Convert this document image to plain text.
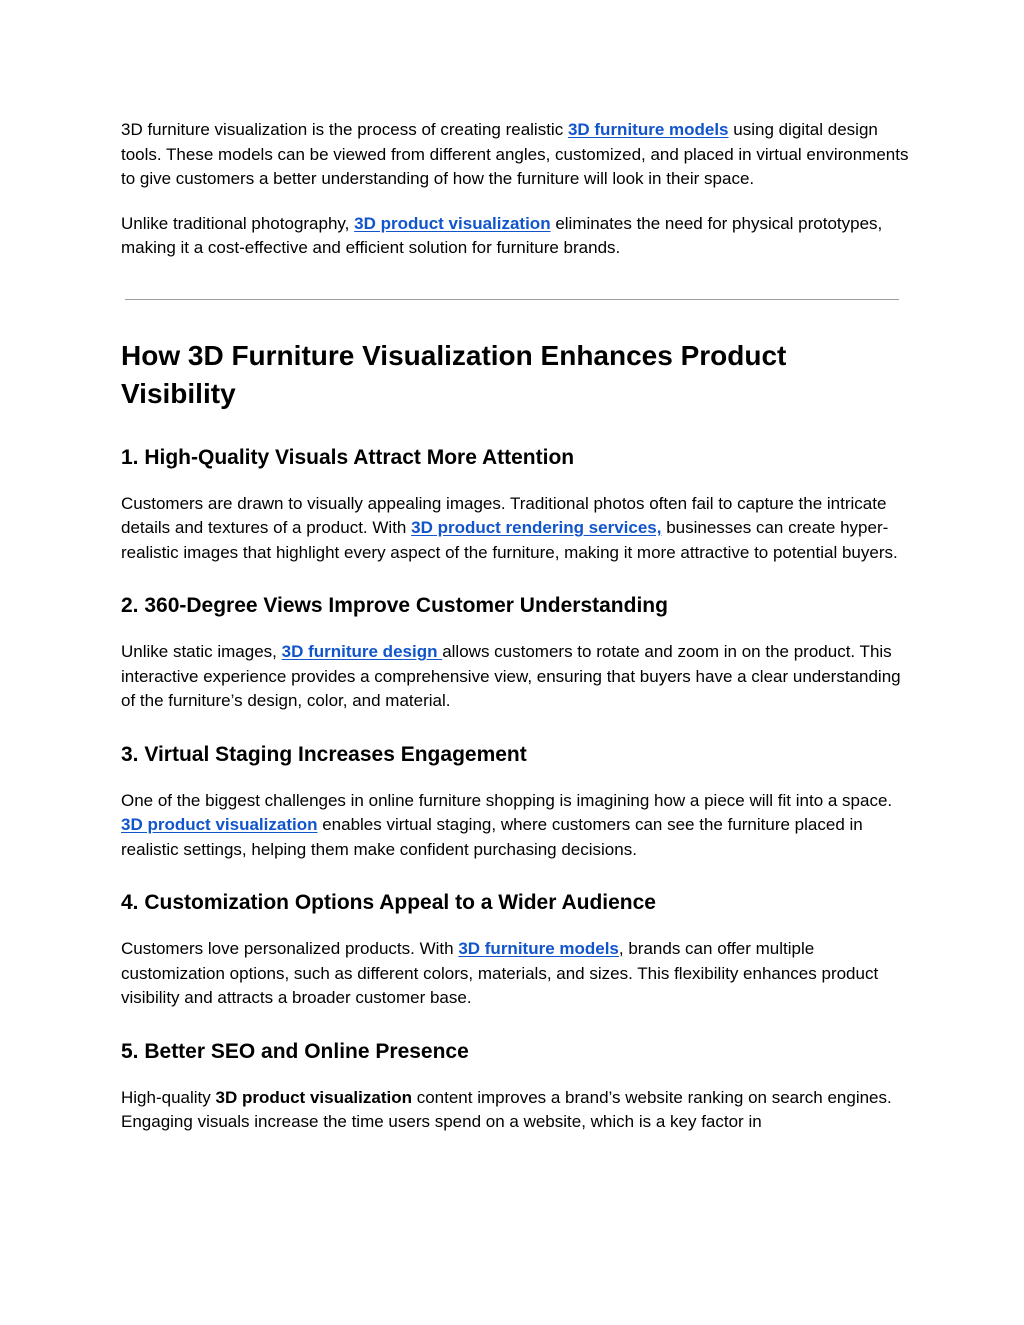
3D furniture visualization is the process of creating realistic 3D furniture models using digital design tools. These models can be viewed from different angles, customized, and placed in virtual environments to give customers a better understanding of how the furniture will look in their space.

Unlike traditional photography, 3D product visualization eliminates the need for physical prototypes, making it a cost-effective and efficient solution for furniture brands.

How 3D Furniture Visualization Enhances Product Visibility
1. High-Quality Visuals Attract More Attention

Customers are drawn to visually appealing images. Traditional photos often fail to capture the intricate details and textures of a product. With 3D product rendering services, businesses can create hyper-realistic images that highlight every aspect of the furniture, making it more attractive to potential buyers.

2. 360-Degree Views Improve Customer Understanding

Unlike static images, 3D furniture design allows customers to rotate and zoom in on the product. This interactive experience provides a comprehensive view, ensuring that buyers have a clear understanding of the furniture’s design, color, and material.

3. Virtual Staging Increases Engagement

One of the biggest challenges in online furniture shopping is imagining how a piece will fit into a space. 3D product visualization enables virtual staging, where customers can see the furniture placed in realistic settings, helping them make confident purchasing decisions.

4. Customization Options Appeal to a Wider Audience

Customers love personalized products. With 3D furniture models, brands can offer multiple customization options, such as different colors, materials, and sizes. This flexibility enhances product visibility and attracts a broader customer base.

5. Better SEO and Online Presence

High-quality 3D product visualization content improves a brand’s website ranking on search engines. Engaging visuals increase the time users spend on a website, which is a key factor in
